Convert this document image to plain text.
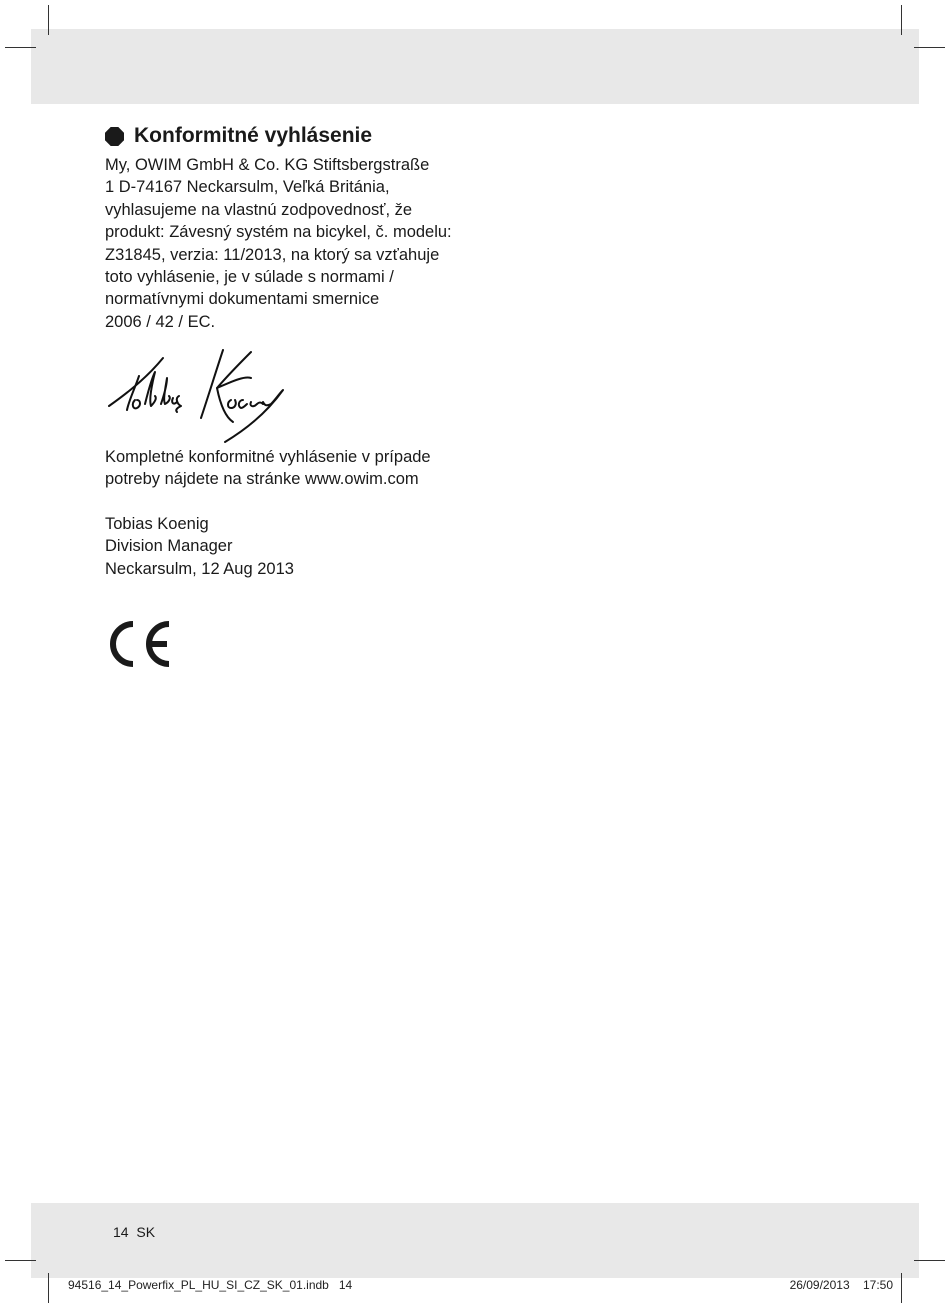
Konformitné vyhlásenie

My, OWIM GmbH & Co. KG Stiftsbergstraße
1 D-74167 Neckarsulm, Veľká Británia,
vyhlasujeme na vlastnú zodpovednosť, že
produkt: Závesný systém na bicykel, č. modelu:
Z31845, verzia: 11/2013, na ktorý sa vzťahuje
toto vyhlásenie, je v súlade s normami /
normatívnymi dokumentami smernice
2006 / 42 / EC.

Kompletné konformitné vyhlásenie v prípade
potreby nájdete na stránke www.owim.com

Tobias Koenig
Division Manager
Neckarsulm, 12 Aug 2013

14 SK
94516_14_Powerfix_PL_HU_SI_CZ_SK_01.indb 14	26/09/2013 17:50
